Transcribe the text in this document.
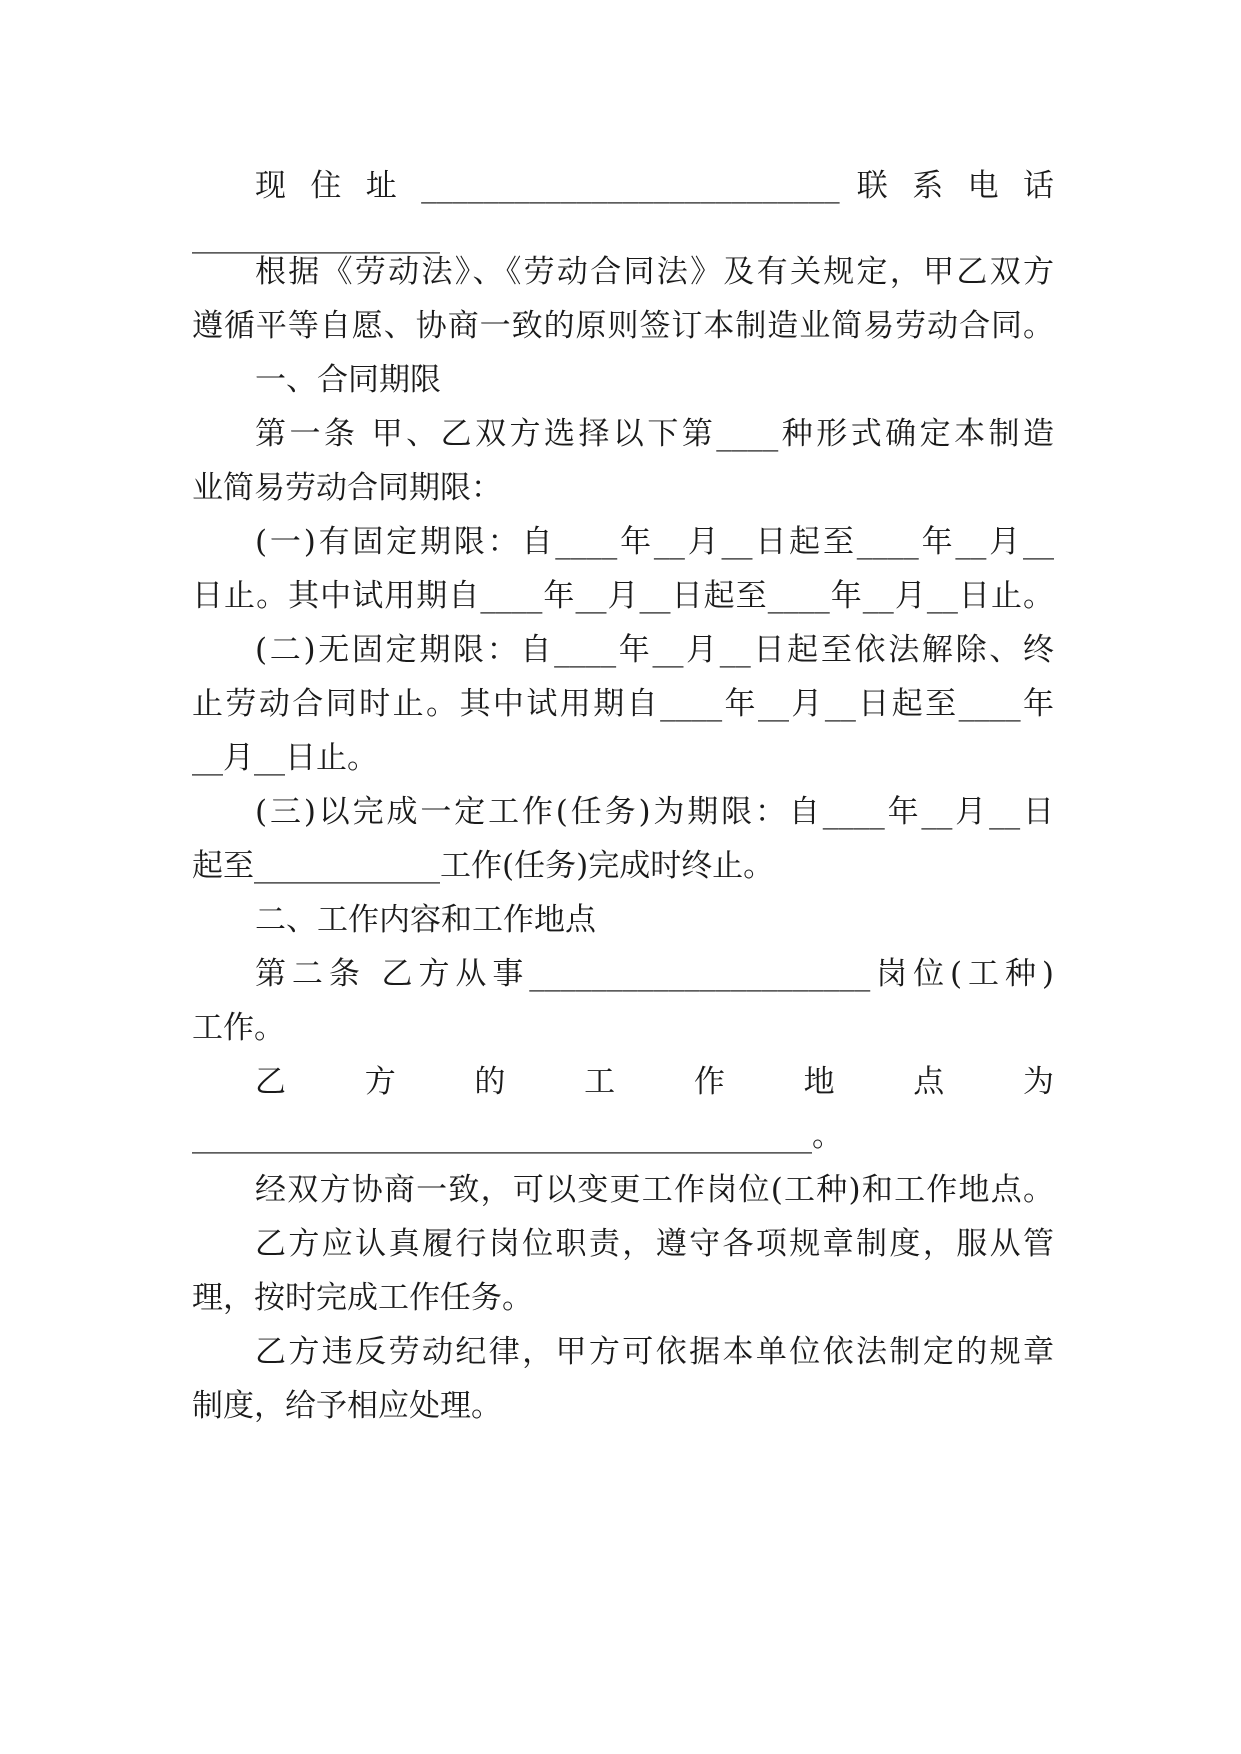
现 住 址 ___________________________ 联 系 电 话
________________
根据《劳动法》、《劳动合同法》及有关规定，甲乙双方
遵循平等自愿、协商一致的原则签订本制造业简易劳动合同。
一、合同期限
第一条 甲、乙双方选择以下第____种形式确定本制造
业简易劳动合同期限：
(一)有固定期限：自____年__月__日起至____年__月__
日止。其中试用期自____年__月__日起至____年__月__日止。
(二)无固定期限：自____年__月__日起至依法解除、终
止劳动合同时止。其中试用期自____年__月__日起至____年
__月__日止。
(三)以完成一定工作(任务)为期限：自____年__月__日
起至____________工作(任务)完成时终止。
二、工作内容和工作地点
第二条 乙方从事______________________岗位(工种)
工作。
乙 方 的 工 作 地 点 为
________________________________________。
经双方协商一致，可以变更工作岗位(工种)和工作地点。
乙方应认真履行岗位职责，遵守各项规章制度，服从管
理，按时完成工作任务。
乙方违反劳动纪律，甲方可依据本单位依法制定的规章
制度，给予相应处理。
